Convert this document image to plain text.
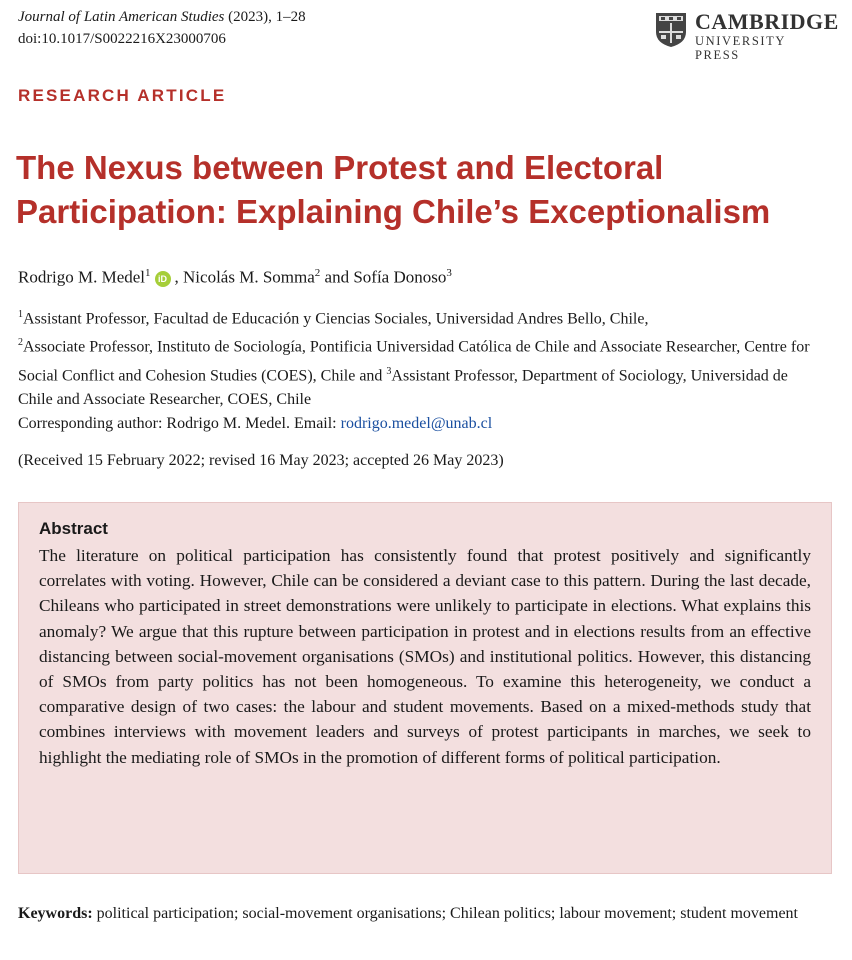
Journal of Latin American Studies (2023), 1–28
doi:10.1017/S0022216X23000706
CAMBRIDGE
UNIVERSITY PRESS
RESEARCH ARTICLE
The Nexus between Protest and Electoral Participation: Explaining Chile’s Exceptionalism
Rodrigo M. Medel$^1$ iD , Nicolás M. Somma$^2$ and Sofía Donoso$^3$
$^1$Assistant Professor, Facultad de Educación y Ciencias Sociales, Universidad Andres Bello, Chile,
$^2$Associate Professor, Instituto de Sociología, Pontificia Universidad Católica de Chile and Associate Researcher, Centre for Social Conflict and Cohesion Studies (COES), Chile and $^3$Assistant Professor, Department of Sociology, Universidad de Chile and Associate Researcher, COES, Chile
Corresponding author: Rodrigo M. Medel. Email: rodrigo.medel@unab.cl
(Received 15 February 2022; revised 16 May 2023; accepted 26 May 2023)
Abstract
The literature on political participation has consistently found that protest positively and significantly correlates with voting. However, Chile can be considered a deviant case to this pattern. During the last decade, Chileans who participated in street demonstrations were unlikely to participate in elections. What explains this anomaly? We argue that this rupture between participation in protest and in elections results from an effective distancing between social-movement organisations (SMOs) and institutional politics. However, this distancing of SMOs from party politics has not been homogeneous. To examine this heterogeneity, we conduct a comparative design of two cases: the labour and student movements. Based on a mixed-methods study that combines interviews with movement leaders and surveys of protest participants in marches, we seek to highlight the mediating role of SMOs in the promotion of different forms of political participation.
Keywords: political participation; social-movement organisations; Chilean politics; labour movement; student movement
